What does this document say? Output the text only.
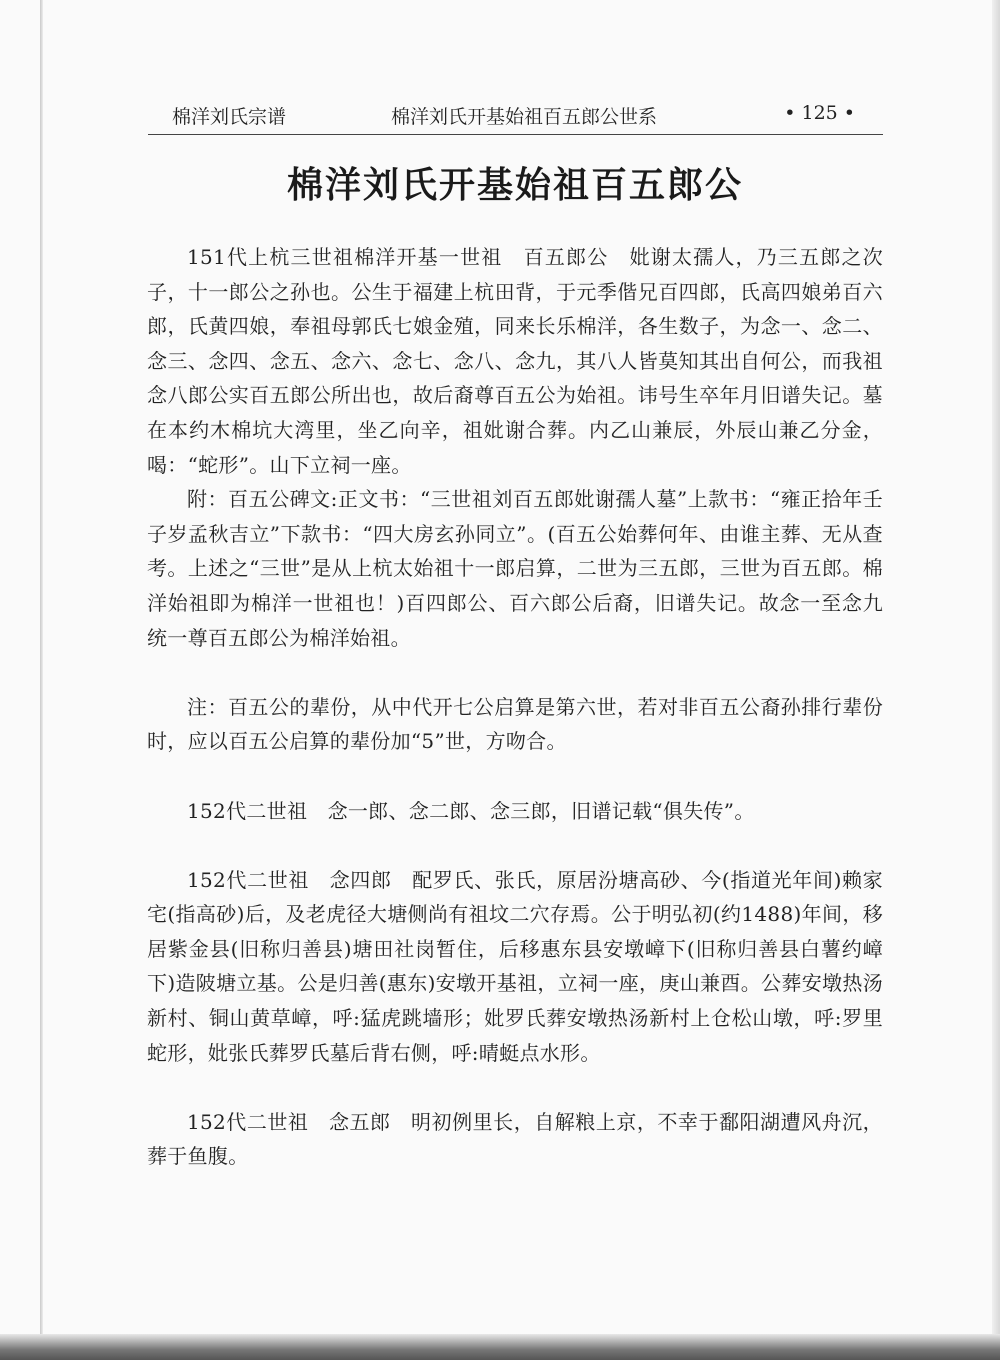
棉洋刘氏宗谱	棉洋刘氏开基始祖百五郎公世系	• 125 •
棉洋刘氏开基始祖百五郎公

151代上杭三世祖棉洋开基一世祖　百五郎公　妣谢太孺人，乃三五郎之次子，十一郎公之孙也。公生于福建上杭田背，于元季偕兄百四郎，氏高四娘弟百六郎，氏黄四娘，奉祖母郭氏七娘金殖，同来长乐棉洋，各生数子，为念一、念二、念三、念四、念五、念六、念七、念八、念九，其八人皆莫知其出自何公，而我祖念八郎公实百五郎公所出也，故后裔尊百五公为始祖。讳号生卒年月旧谱失记。墓在本约木棉坑大湾里，坐乙向辛，祖妣谢合葬。内乙山兼辰，外辰山兼乙分金，喝：“蛇形”。山下立祠一座。

附：百五公碑文:正文书：“三世祖刘百五郎妣谢孺人墓”上款书：“雍正拾年壬子岁孟秋吉立”下款书：“四大房玄孙同立”。(百五公始葬何年、由谁主葬、无从查考。上述之“三世”是从上杭太始祖十一郎启算，二世为三五郎，三世为百五郎。棉洋始祖即为棉洋一世祖也！)百四郎公、百六郎公后裔，旧谱失记。故念一至念九统一尊百五郎公为棉洋始祖。

注：百五公的辈份，从中代开七公启算是第六世，若对非百五公裔孙排行辈份时，应以百五公启算的辈份加“5”世，方吻合。

152代二世祖　念一郎、念二郎、念三郎，旧谱记载“俱失传”。

152代二世祖　念四郎　配罗氏、张氏，原居汾塘高砂、今(指道光年间)赖家宅(指高砂)后，及老虎径大塘侧尚有祖坟二穴存焉。公于明弘初(约1488)年间，移居紫金县(旧称归善县)塘田社岗暂住，后移惠东县安墩嶂下(旧称归善县白薯约嶂下)造陂塘立基。公是归善(惠东)安墩开基祖，立祠一座，庚山兼酉。公葬安墩热汤新村、铜山黄草嶂，呼:猛虎跳墙形；妣罗氏葬安墩热汤新村上仓松山墩，呼:罗里蛇形，妣张氏葬罗氏墓后背右侧，呼:晴蜓点水形。

152代二世祖　念五郎　明初例里长，自解粮上京，不幸于鄱阳湖遭风舟沉，葬于鱼腹。
